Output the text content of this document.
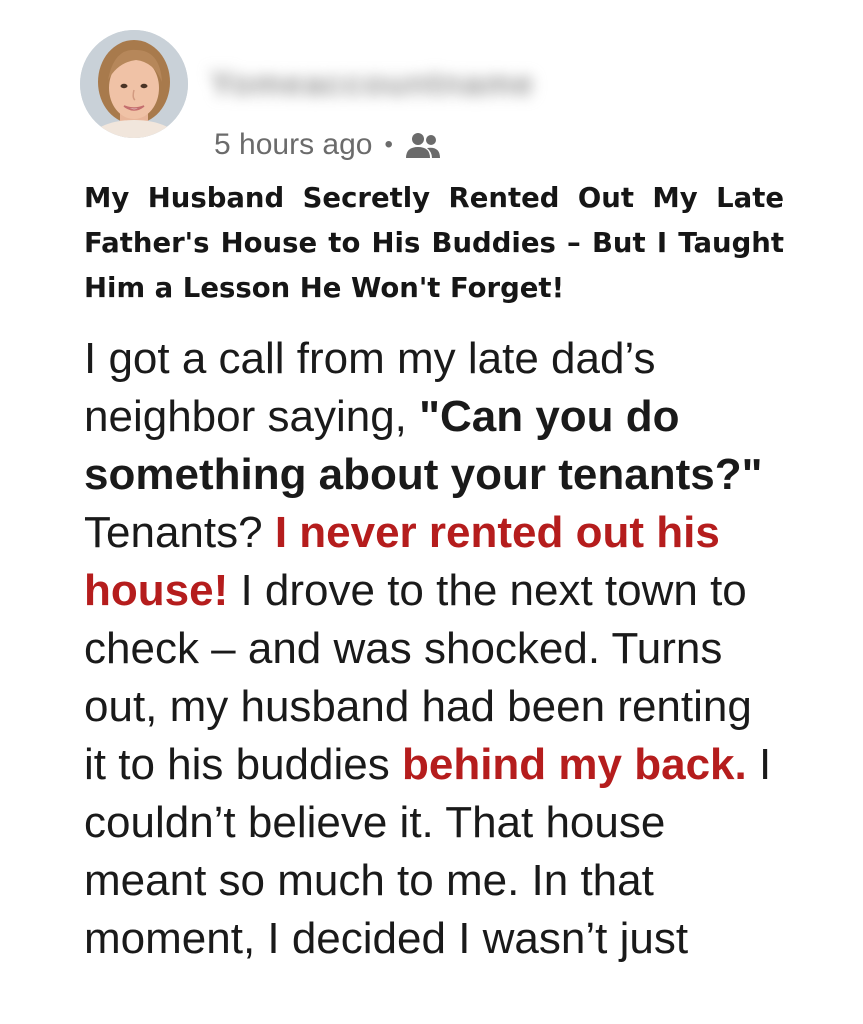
Yomeaccountname
5 hours ago •
My Husband Secretly Rented Out My Late Father's House to His Buddies – But I Taught Him a Lesson He Won't Forget!
I got a call from my late dad’s neighbor saying, "Can you do something about your tenants?" Tenants? I never rented out his house! I drove to the next town to check – and was shocked. Turns out, my husband had been renting it to his buddies behind my back. I couldn’t believe it. That house meant so much to me. In that moment, I decided I wasn’t just
